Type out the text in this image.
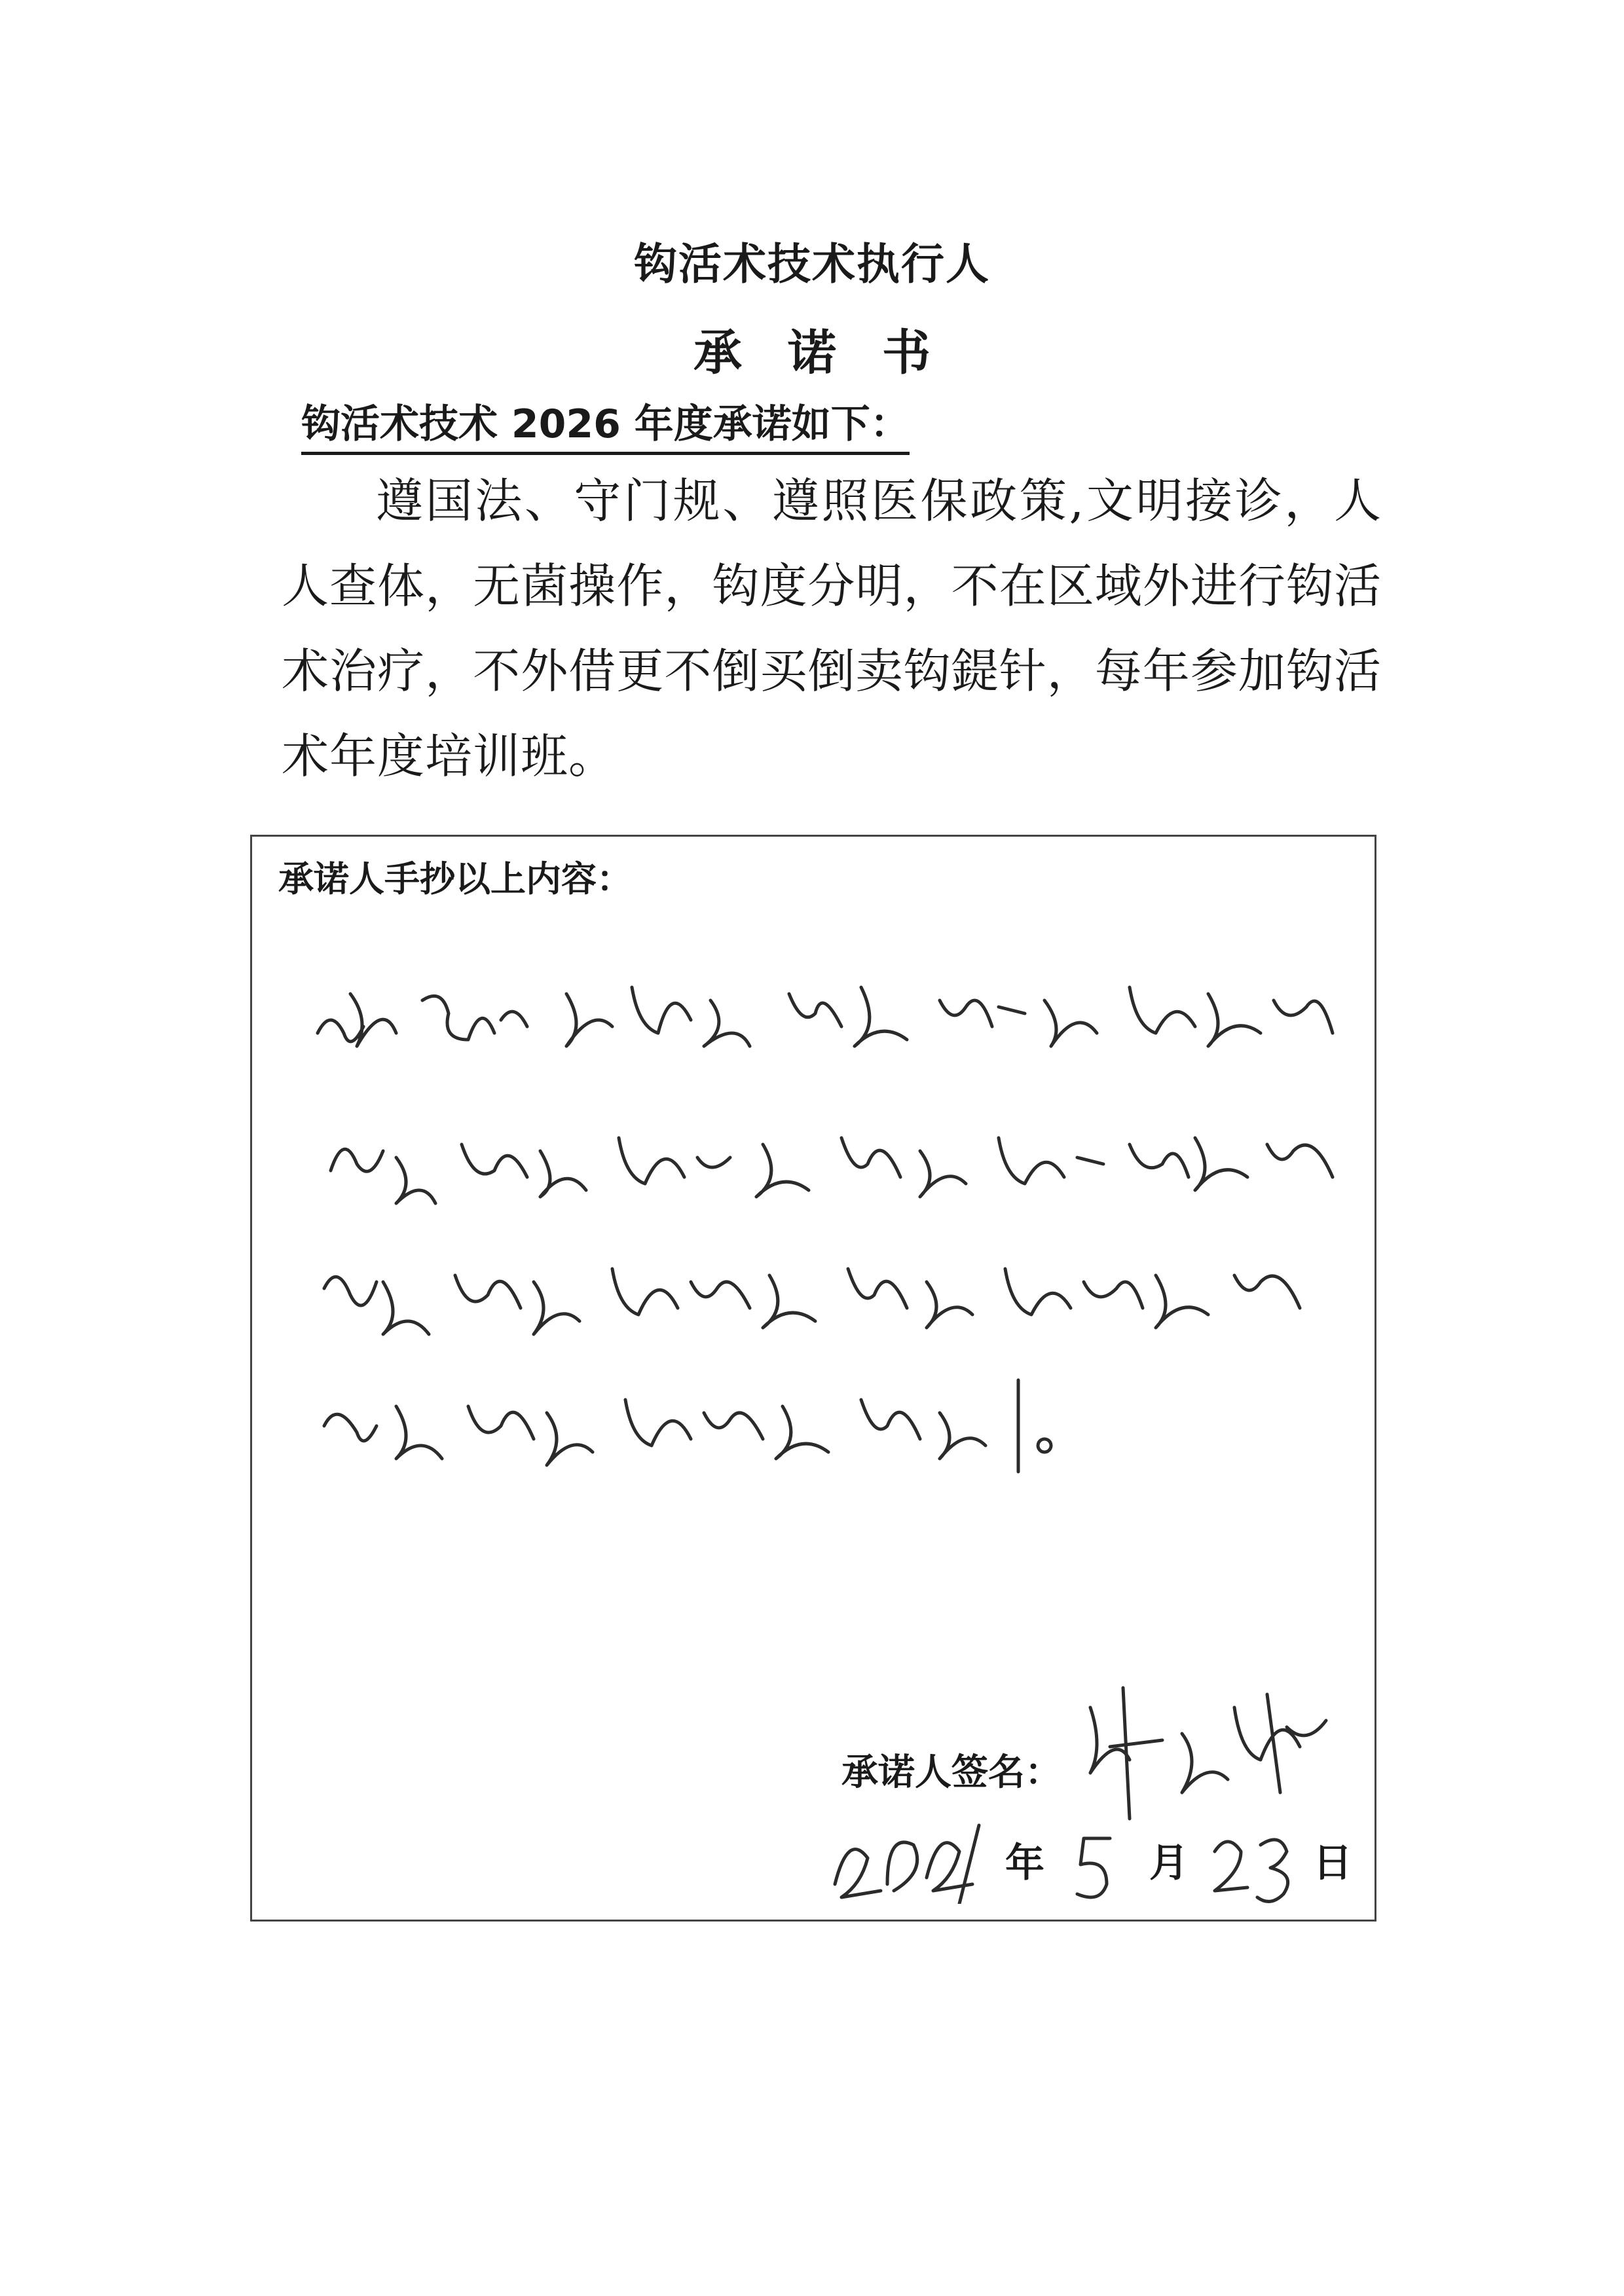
钩活术技术执行人
承诺书
钩活术技术 2026 年度承诺如下：
遵国法、守门规、遵照医保政策,文明接诊，人人查体，无菌操作，钩度分明，不在区域外进行钩活术治疗，不外借更不倒买倒卖钩鍉针，每年参加钩活术年度培训班。
承诺人手抄以上内容：
承诺人签名：
年	月	日
